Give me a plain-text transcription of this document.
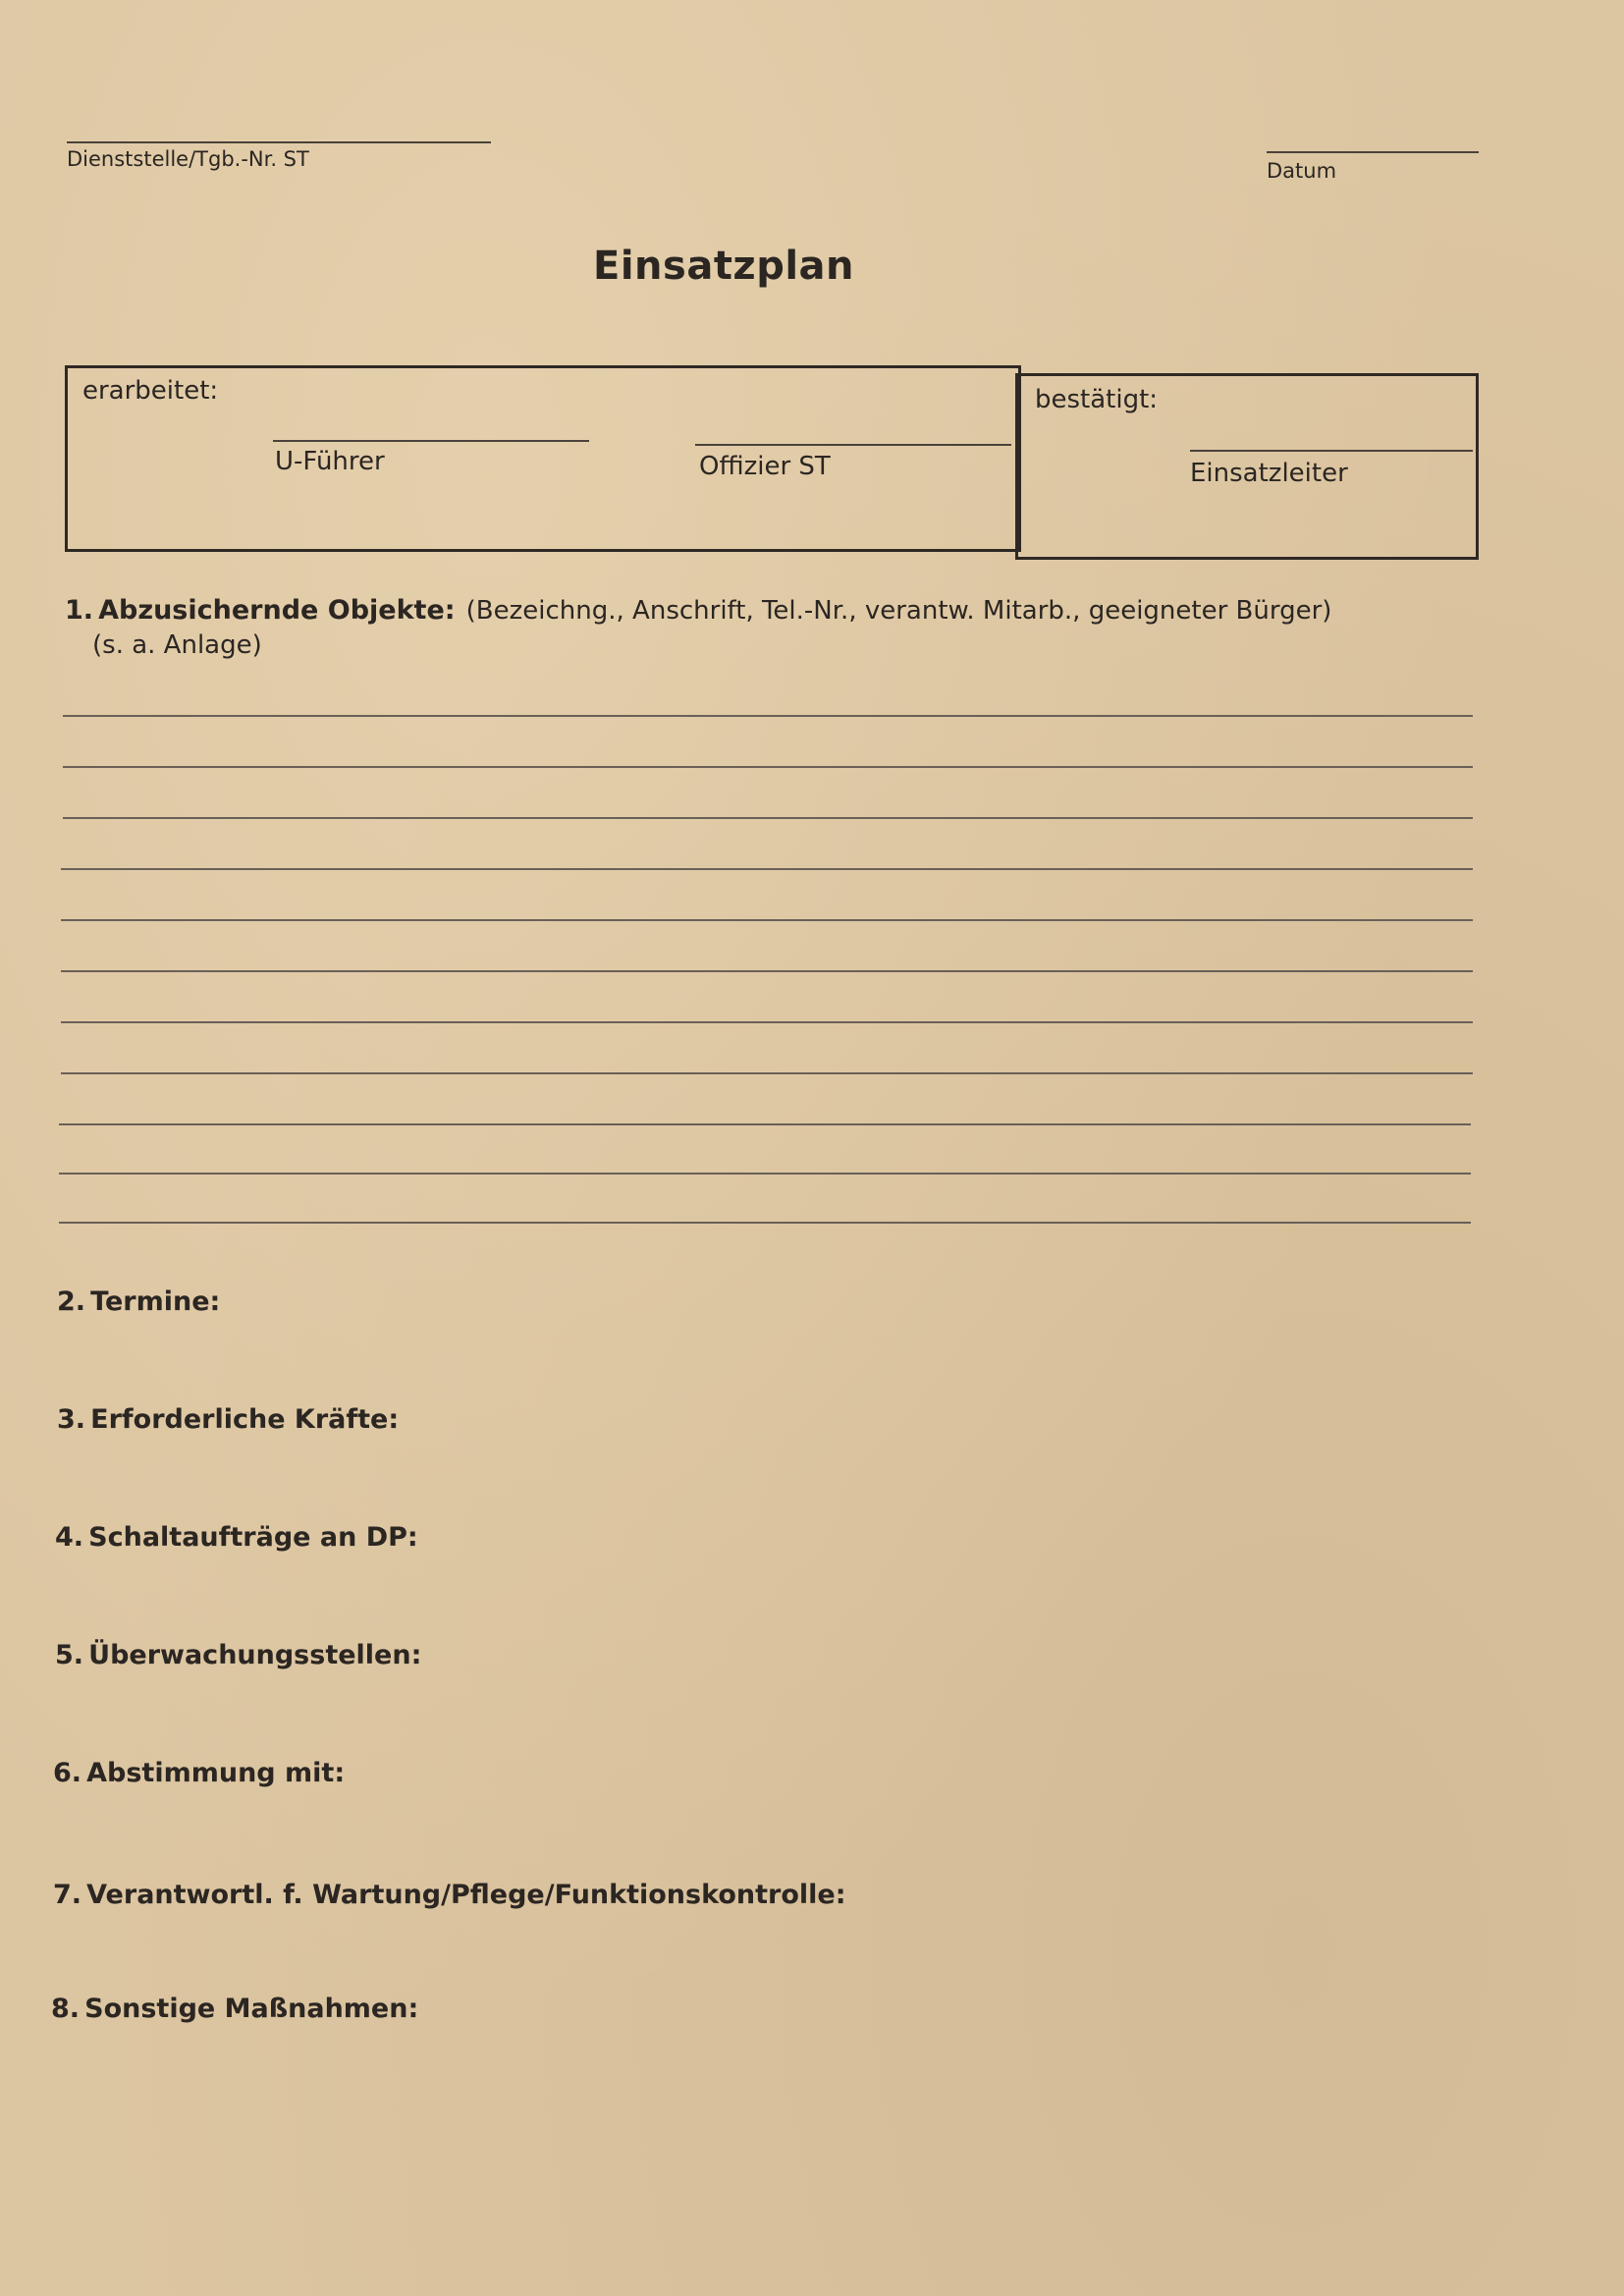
Dienststelle/Tgb.-Nr. ST	Datum
Einsatzplan
erarbeitet:
U-Führer	Offizier ST
bestätigt:
Einsatzleiter
1. Abzusichernde Objekte: (Bezeichng., Anschrift, Tel.-Nr., verantw. Mitarb., geeigneter Bürger)
(s. a. Anlage)
2. Termine:
3. Erforderliche Kräfte:
4. Schaltaufträge an DP:
5. Überwachungsstellen:
6. Abstimmung mit:
7. Verantwortl. f. Wartung/Pflege/Funktionskontrolle:
8. Sonstige Maßnahmen:
